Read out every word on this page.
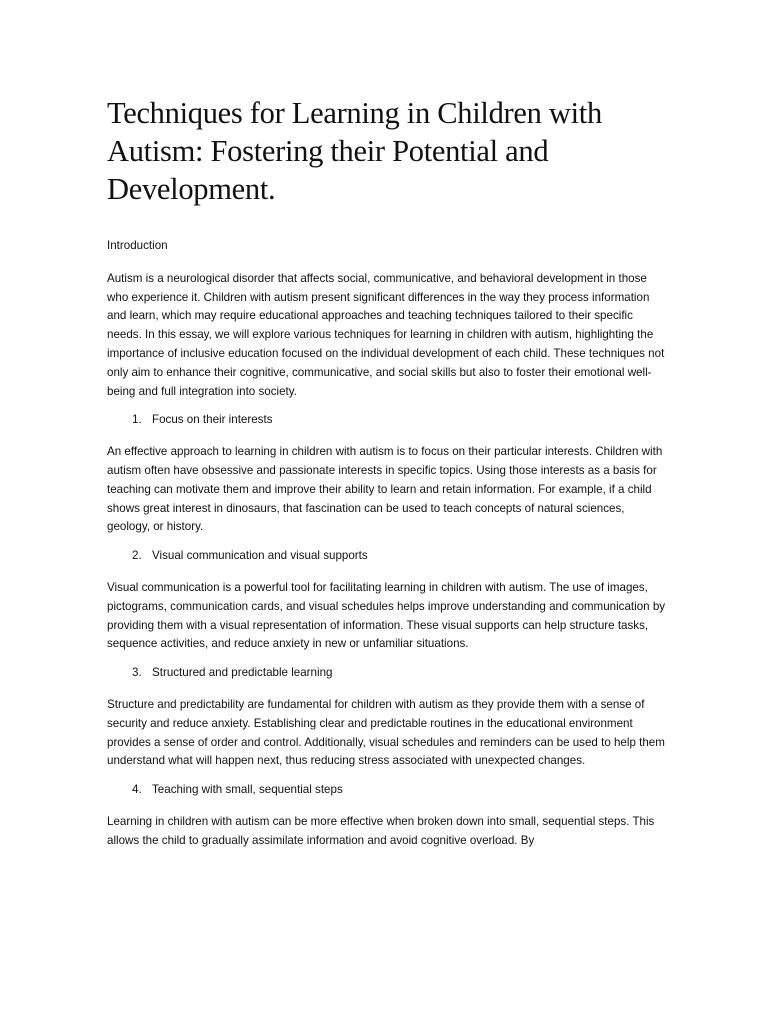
Techniques for Learning in Children with Autism: Fostering their Potential and Development.

Introduction

Autism is a neurological disorder that affects social, communicative, and behavioral development in those who experience it. Children with autism present significant differences in the way they process information and learn, which may require educational approaches and teaching techniques tailored to their specific needs. In this essay, we will explore various techniques for learning in children with autism, highlighting the importance of inclusive education focused on the individual development of each child. These techniques not only aim to enhance their cognitive, communicative, and social skills but also to foster their emotional well-being and full integration into society.

1. Focus on their interests

An effective approach to learning in children with autism is to focus on their particular interests. Children with autism often have obsessive and passionate interests in specific topics. Using those interests as a basis for teaching can motivate them and improve their ability to learn and retain information. For example, if a child shows great interest in dinosaurs, that fascination can be used to teach concepts of natural sciences, geology, or history.

2. Visual communication and visual supports

Visual communication is a powerful tool for facilitating learning in children with autism. The use of images, pictograms, communication cards, and visual schedules helps improve understanding and communication by providing them with a visual representation of information. These visual supports can help structure tasks, sequence activities, and reduce anxiety in new or unfamiliar situations.

3. Structured and predictable learning

Structure and predictability are fundamental for children with autism as they provide them with a sense of security and reduce anxiety. Establishing clear and predictable routines in the educational environment provides a sense of order and control. Additionally, visual schedules and reminders can be used to help them understand what will happen next, thus reducing stress associated with unexpected changes.

4. Teaching with small, sequential steps

Learning in children with autism can be more effective when broken down into small, sequential steps. This allows the child to gradually assimilate information and avoid cognitive overload. By
